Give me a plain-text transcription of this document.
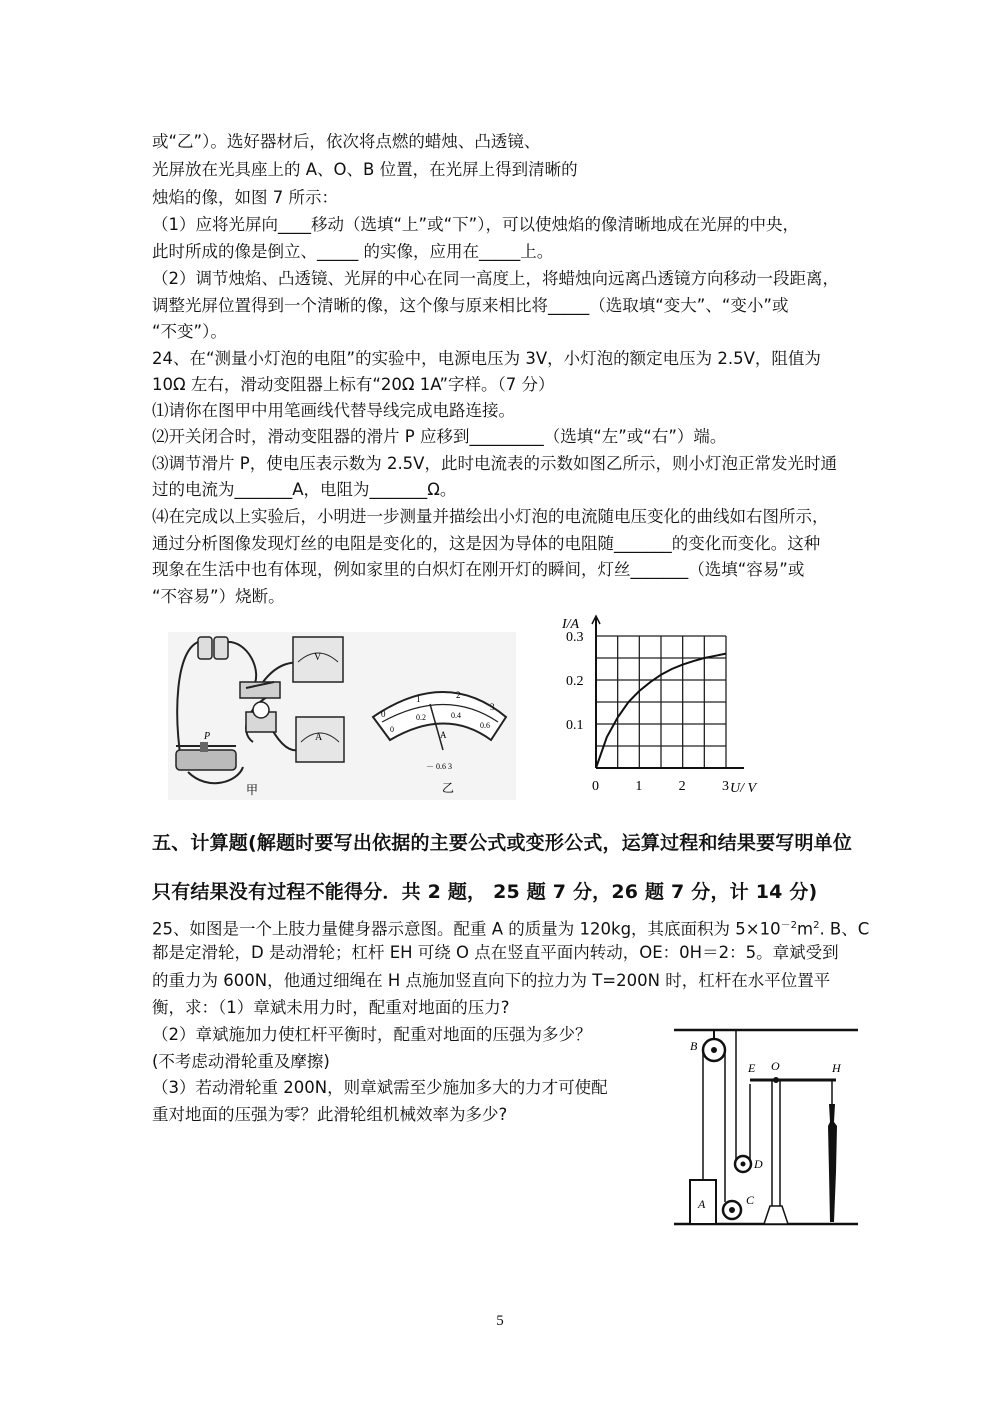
或“乙”）。选好器材后，依次将点燃的蜡烛、凸透镜、
光屏放在光具座上的 A、O、B 位置，在光屏上得到清晰的
烛焰的像，如图 7 所示：
（1）应将光屏向____移动（选填“上”或“下”），可以使烛焰的像清晰地成在光屏的中央，
此时所成的像是倒立、_____ 的实像，应用在_____上。
（2）调节烛焰、凸透镜、光屏的中心在同一高度上，将蜡烛向远离凸透镜方向移动一段距离，
调整光屏位置得到一个清晰的像，这个像与原来相比将_____（选取填“变大”、“变小”或
“不变”）。
24、在“测量小灯泡的电阻”的实验中，电源电压为 3V，小灯泡的额定电压为 2.5V，阻值为
10Ω 左右，滑动变阻器上标有“20Ω 1A”字样。（7 分）
⑴请你在图甲中用笔画线代替导线完成电路连接。
⑵开关闭合时，滑动变阻器的滑片 P 应移到_________（选填“左”或“右”）端。
⑶调节滑片 P，使电压表示数为 2.5V，此时电流表的示数如图乙所示，则小灯泡正常发光时通
过的电流为_______A，电阻为_______Ω。
⑷在完成以上实验后，小明进一步测量并描绘出小灯泡的电流随电压变化的曲线如右图所示，
通过分析图像发现灯丝的电阻是变化的，这是因为导体的电阻随_______的变化而变化。这种
现象在生活中也有体现，例如家里的白炽灯在刚开灯的瞬间，灯丝_______（选填“容易”或
“不容易”）烧断。
V
A
P
甲
0
1	2
3
0
0.2	0.4
0.6
A
－ 0.6 3
乙
0.1
0.2
0.3
0	1	2	3
I/A
U/ V
五、计算题(解题时要写出依据的主要公式或变形公式，运算过程和结果要写明单位
只有结果没有过程不能得分．共 2 题， 25 题 7 分，26 题 7 分，计 14 分)
25、如图是一个上肢力量健身器示意图。配重 A 的质量为 120kg，其底面积为 $5\times 10^{-2}m^2$. B、C
都是定滑轮，D 是动滑轮；杠杆 EH 可绕 O 点在竖直平面内转动，OE：0H＝2：5。章斌受到
的重力为 600N，他通过细绳在 H 点施加竖直向下的拉力为 T=200N 时，杠杆在水平位置平
衡，求：（1）章斌未用力时，配重对地面的压力?
（2）章斌施加力使杠杆平衡时，配重对地面的压强为多少？
(不考虑动滑轮重及摩擦)
（3）若动滑轮重 200N，则章斌需至少施加多大的力才可使配
重对地面的压强为零？此滑轮组机械效率为多少?
B
A	C
D
E O	H
5
